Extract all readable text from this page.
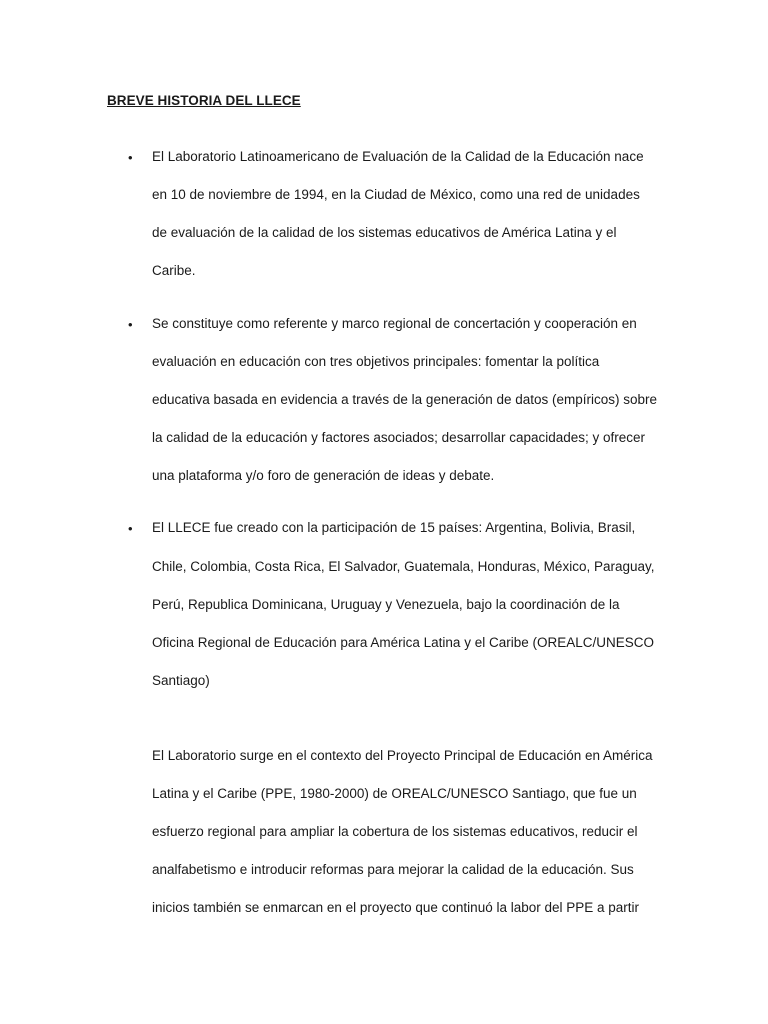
BREVE HISTORIA DEL LLECE
• El Laboratorio Latinoamericano de Evaluación de la Calidad de la Educación nace
en 10 de noviembre de 1994, en la Ciudad de México, como una red de unidades
de evaluación de la calidad de los sistemas educativos de América Latina y el
Caribe.
• Se constituye como referente y marco regional de concertación y cooperación en
evaluación en educación con tres objetivos principales: fomentar la política
educativa basada en evidencia a través de la generación de datos (empíricos) sobre
la calidad de la educación y factores asociados; desarrollar capacidades; y ofrecer
una plataforma y/o foro de generación de ideas y debate.
• El LLECE fue creado con la participación de 15 países: Argentina, Bolivia, Brasil,
Chile, Colombia, Costa Rica, El Salvador, Guatemala, Honduras, México, Paraguay,
Perú, Republica Dominicana, Uruguay y Venezuela, bajo la coordinación de la
Oficina Regional de Educación para América Latina y el Caribe (OREALC/UNESCO
Santiago)
El Laboratorio surge en el contexto del Proyecto Principal de Educación en América
Latina y el Caribe (PPE, 1980-2000) de OREALC/UNESCO Santiago, que fue un
esfuerzo regional para ampliar la cobertura de los sistemas educativos, reducir el
analfabetismo e introducir reformas para mejorar la calidad de la educación. Sus
inicios también se enmarcan en el proyecto que continuó la labor del PPE a partir
